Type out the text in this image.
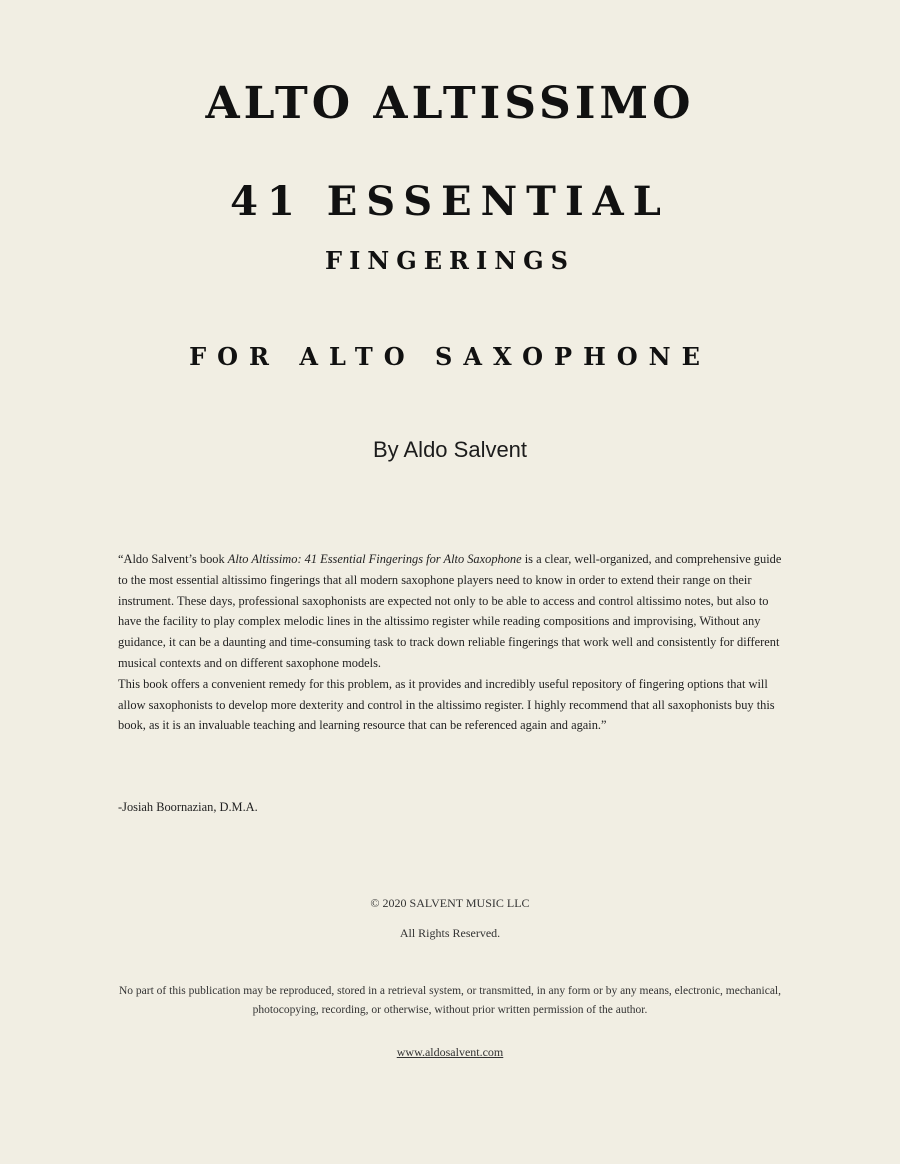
ALTO ALTISSIMO
41 ESSENTIAL
FINGERINGS
FOR ALTO SAXOPHONE
By Aldo Salvent

“Aldo Salvent’s book Alto Altissimo: 41 Essential Fingerings for Alto Saxophone is a clear, well-organized, and comprehensive guide to the most essential altissimo fingerings that all modern saxophone players need to know in order to extend their range on their instrument. These days, professional saxophonists are expected not only to be able to access and control altissimo notes, but also to have the facility to play complex melodic lines in the altissimo register while reading compositions and improvising, Without any guidance, it can be a daunting and time-consuming task to track down reliable fingerings that work well and consistently for different musical contexts and on different saxophone models.

This book offers a convenient remedy for this problem, as it provides and incredibly useful repository of fingering options that will allow saxophonists to develop more dexterity and control in the altissimo register. I highly recommend that all saxophonists buy this book, as it is an invaluable teaching and learning resource that can be referenced again and again.”

-Josiah Boornazian, D.M.A.
© 2020 SALVENT MUSIC LLC
All Rights Reserved.
No part of this publication may be reproduced, stored in a retrieval system, or transmitted, in any form or by any means, electronic, mechanical, photocopying, recording, or otherwise, without prior written permission of the author.
www.aldosalvent.com
